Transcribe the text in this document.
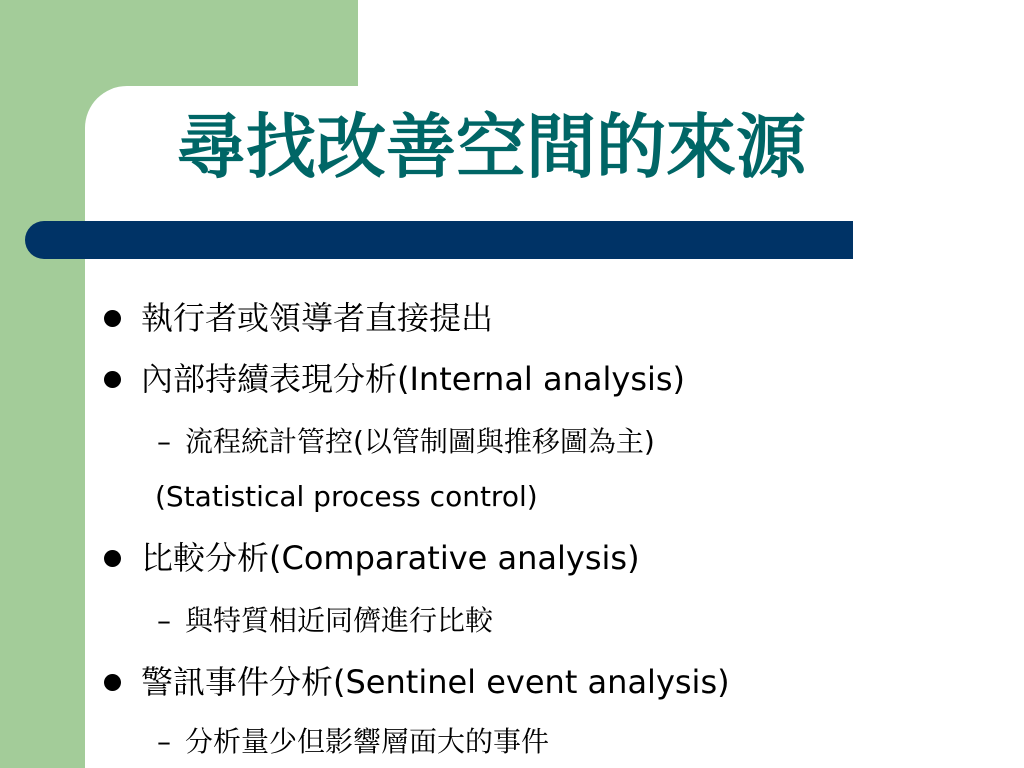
尋找改善空間的來源
執行者或領導者直接提出
內部持續表現分析(Internal analysis)
– 流程統計管控(以管制圖與推移圖為主)
(Statistical process control)
比較分析(Comparative analysis)
– 與特質相近同儕進行比較
警訊事件分析(Sentinel event analysis)
– 分析量少但影響層面大的事件
